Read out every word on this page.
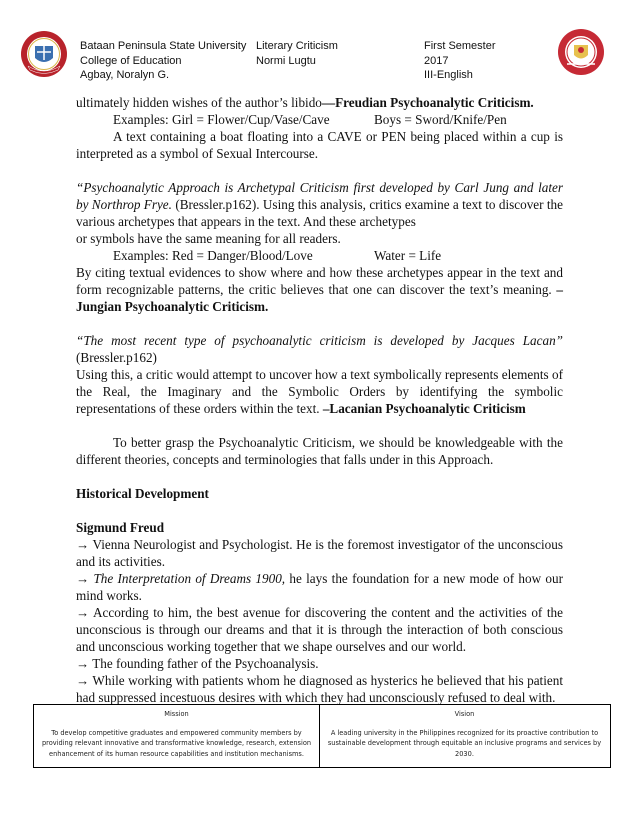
Bataan Peninsula State University
College of Education
Agbay, Noralyn G.
Literary Criticism
Normi Lugtu
First Semester
2017
III-English

ultimately hidden wishes of the author’s libido—Freudian Psychoanalytic Criticism.

Examples: Girl = Flower/Cup/Vase/Cave	Boys = Sword/Knife/Pen

A text containing a boat floating into a CAVE or PEN being placed within a cup is interpreted as a symbol of Sexual Intercourse.

“Psychoanalytic Approach is Archetypal Criticism first developed by Carl Jung and later by Northrop Frye. (Bressler.p162). Using this analysis, critics examine a text to discover the various archetypes that appears in the text. And these archetypes

or symbols have the same meaning for all readers.

Examples: Red = Danger/Blood/Love	Water = Life

By citing textual evidences to show where and how these archetypes appear in the text and form recognizable patterns, the critic believes that one can discover the text’s meaning. –Jungian Psychoanalytic Criticism.

“The most recent type of psychoanalytic criticism is developed by Jacques Lacan”

(Bressler.p162)

Using this, a critic would attempt to uncover how a text symbolically represents elements of the Real, the Imaginary and the Symbolic Orders by identifying the symbolic representations of these orders within the text. –Lacanian Psychoanalytic Criticism

To better grasp the Psychoanalytic Criticism, we should be knowledgeable with the different theories, concepts and terminologies that falls under in this Approach.

Historical Development

Sigmund Freud

→ Vienna Neurologist and Psychologist. He is the foremost investigator of the unconscious and its activities.

→ The Interpretation of Dreams 1900, he lays the foundation for a new mode of how our mind works.

→ According to him, the best avenue for discovering the content and the activities of the unconscious is through our dreams and that it is through the interaction of both conscious and unconscious working together that we shape ourselves and our world.

→ The founding father of the Psychoanalysis.

→ While working with patients whom he diagnosed as hysterics he believed that his patient had suppressed incestuous desires with which they had unconsciously refused to deal with.

Mission
To develop competitive graduates and empowered community members by providing relevant innovative and transformative knowledge, research, extension enhancement of its human resource capabilities and institution mechanisms.
Vision
A leading university in the Philippines recognized for its proactive contribution to sustainable development through equitable an inclusive programs and services by 2030.
